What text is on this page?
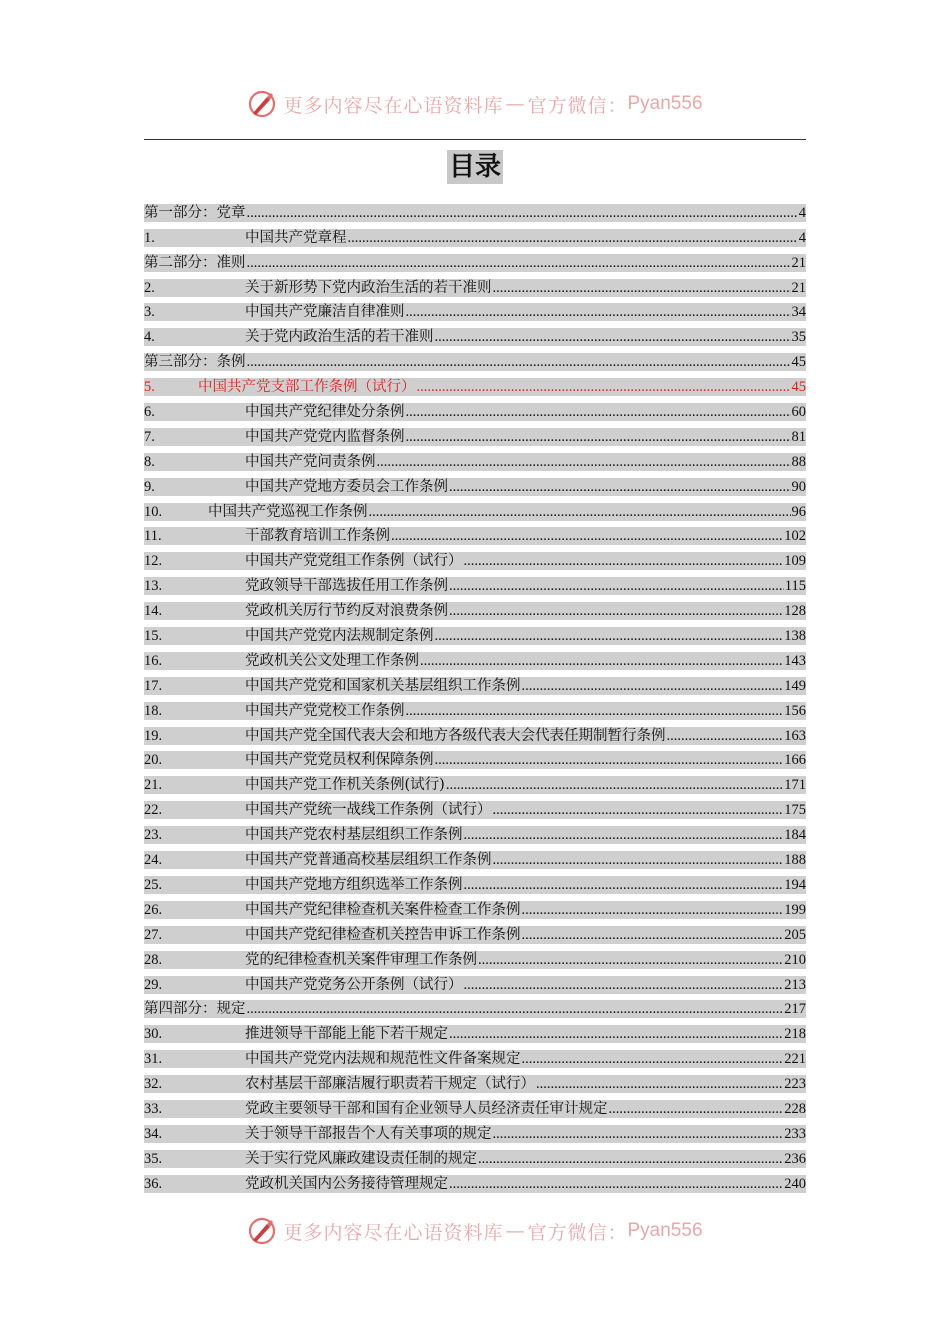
更多内容尽在心语资料库 — 官方微信： Pyan556
目录
第一部分：党章 .....	4
1.	中国共产党章程 .....	4
第二部分：准则 .....	21
2.	关于新形势下党内政治生活的若干准则 .....	21
3.	中国共产党廉洁自律准则 .....	34
4.	关于党内政治生活的若干准则 .....	35
第三部分：条例 .....	45
5.	中国共产党支部工作条例（试行） .....	45
6.	中国共产党纪律处分条例 .....	60
7.	中国共产党党内监督条例 .....	81
8.	中国共产党问责条例 .....	88
9.	中国共产党地方委员会工作条例 .....	90
10.	中国共产党巡视工作条例 .....	96
11.	干部教育培训工作条例 .....	102
12.	中国共产党党组工作条例（试行） .....	109
13.	党政领导干部选拔任用工作条例 .....	115
14.	党政机关厉行节约反对浪费条例 .....	128
15.	中国共产党党内法规制定条例 .....	138
16.	党政机关公文处理工作条例 .....	143
17.	中国共产党党和国家机关基层组织工作条例 .....	149
18.	中国共产党党校工作条例 .....	156
19.	中国共产党全国代表大会和地方各级代表大会代表任期制暂行条例 .....	163
20.	中国共产党党员权利保障条例 .....	166
21.	中国共产党工作机关条例(试行) .....	171
22.	中国共产党统一战线工作条例（试行） .....	175
23.	中国共产党农村基层组织工作条例 .....	184
24.	中国共产党普通高校基层组织工作条例 .....	188
25.	中国共产党地方组织选举工作条例 .....	194
26.	中国共产党纪律检查机关案件检查工作条例 .....	199
27.	中国共产党纪律检查机关控告申诉工作条例 .....	205
28.	党的纪律检查机关案件审理工作条例 .....	210
29.	中国共产党党务公开条例（试行） .....	213
第四部分：规定 .....	217
30.	推进领导干部能上能下若干规定 .....	218
31.	中国共产党党内法规和规范性文件备案规定 .....	221
32.	农村基层干部廉洁履行职责若干规定（试行） .....	223
33.	党政主要领导干部和国有企业领导人员经济责任审计规定 .....	228
34.	关于领导干部报告个人有关事项的规定 .....	233
35.	关于实行党风廉政建设责任制的规定 .....	236
36.	党政机关国内公务接待管理规定 .....	240
更多内容尽在心语资料库 — 官方微信： Pyan556
